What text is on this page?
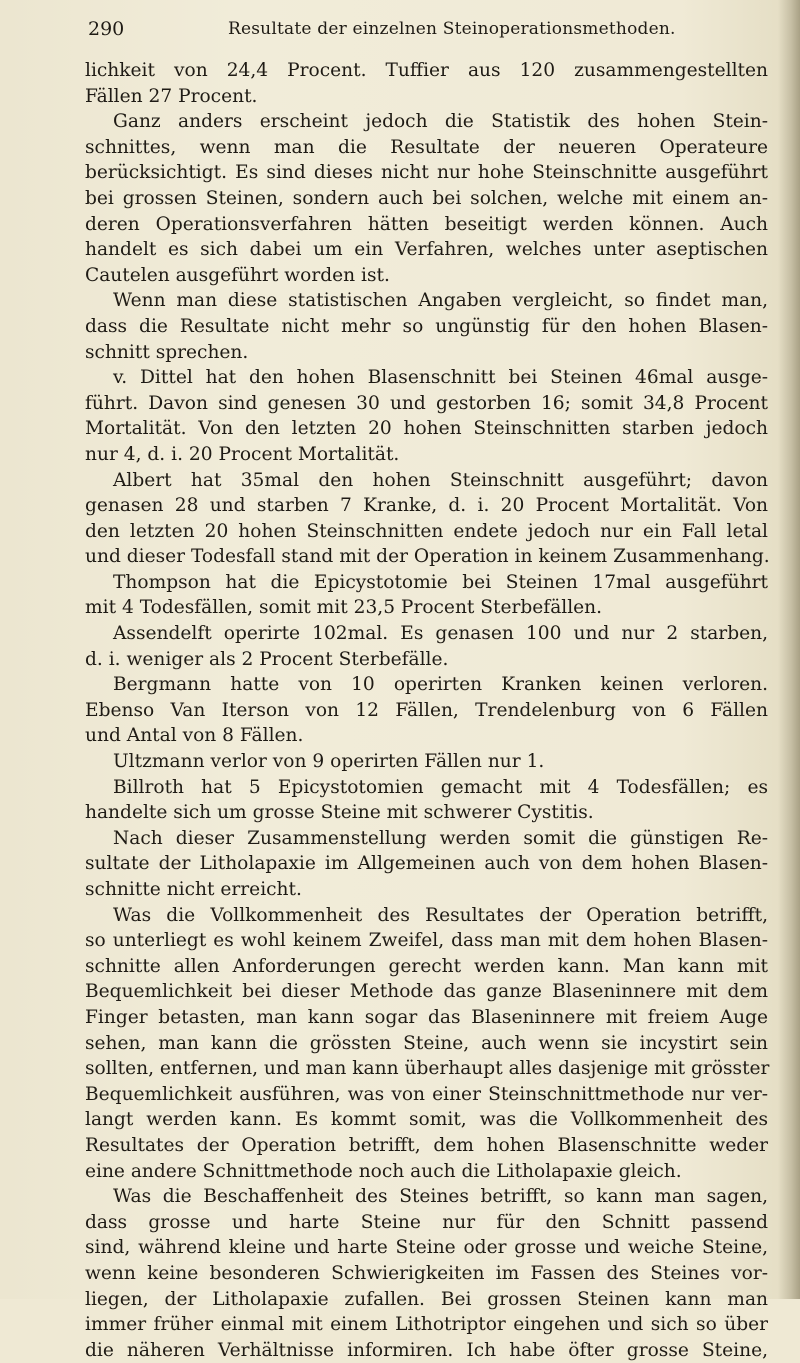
290	Resultate der einzelnen Steinoperationsmethoden.
lichkeit von 24,4 Procent. Tuffier aus 120 zusammengestellten
Fällen 27 Procent.
Ganz anders erscheint jedoch die Statistik des hohen Stein-
schnittes, wenn man die Resultate der neueren Operateure
berücksichtigt. Es sind dieses nicht nur hohe Steinschnitte ausgeführt
bei grossen Steinen, sondern auch bei solchen, welche mit einem an-
deren Operationsverfahren hätten beseitigt werden können. Auch
handelt es sich dabei um ein Verfahren, welches unter aseptischen
Cautelen ausgeführt worden ist.
Wenn man diese statistischen Angaben vergleicht, so findet man,
dass die Resultate nicht mehr so ungünstig für den hohen Blasen-
schnitt sprechen.
v. Dittel hat den hohen Blasenschnitt bei Steinen 46mal ausge-
führt. Davon sind genesen 30 und gestorben 16; somit 34,8 Procent
Mortalität. Von den letzten 20 hohen Steinschnitten starben jedoch
nur 4, d. i. 20 Procent Mortalität.
Albert hat 35mal den hohen Steinschnitt ausgeführt; davon
genasen 28 und starben 7 Kranke, d. i. 20 Procent Mortalität. Von
den letzten 20 hohen Steinschnitten endete jedoch nur ein Fall letal
und dieser Todesfall stand mit der Operation in keinem Zusammenhang.
Thompson hat die Epicystotomie bei Steinen 17mal ausgeführt
mit 4 Todesfällen, somit mit 23,5 Procent Sterbefällen.
Assendelft operirte 102mal. Es genasen 100 und nur 2 starben,
d. i. weniger als 2 Procent Sterbefälle.
Bergmann hatte von 10 operirten Kranken keinen verloren.
Ebenso Van Iterson von 12 Fällen, Trendelenburg von 6 Fällen
und Antal von 8 Fällen.
Ultzmann verlor von 9 operirten Fällen nur 1.
Billroth hat 5 Epicystotomien gemacht mit 4 Todesfällen; es
handelte sich um grosse Steine mit schwerer Cystitis.
Nach dieser Zusammenstellung werden somit die günstigen Re-
sultate der Litholapaxie im Allgemeinen auch von dem hohen Blasen-
schnitte nicht erreicht.
Was die Vollkommenheit des Resultates der Operation betrifft,
so unterliegt es wohl keinem Zweifel, dass man mit dem hohen Blasen-
schnitte allen Anforderungen gerecht werden kann. Man kann mit
Bequemlichkeit bei dieser Methode das ganze Blaseninnere mit dem
Finger betasten, man kann sogar das Blaseninnere mit freiem Auge
sehen, man kann die grössten Steine, auch wenn sie incystirt sein
sollten, entfernen, und man kann überhaupt alles dasjenige mit grösster
Bequemlichkeit ausführen, was von einer Steinschnittmethode nur ver-
langt werden kann. Es kommt somit, was die Vollkommenheit des
Resultates der Operation betrifft, dem hohen Blasenschnitte weder
eine andere Schnittmethode noch auch die Litholapaxie gleich.
Was die Beschaffenheit des Steines betrifft, so kann man sagen,
dass grosse und harte Steine nur für den Schnitt passend
sind, während kleine und harte Steine oder grosse und weiche Steine,
wenn keine besonderen Schwierigkeiten im Fassen des Steines vor-
liegen, der Litholapaxie zufallen. Bei grossen Steinen kann man
immer früher einmal mit einem Lithotriptor eingehen und sich so über
die näheren Verhältnisse informiren. Ich habe öfter grosse Steine,
